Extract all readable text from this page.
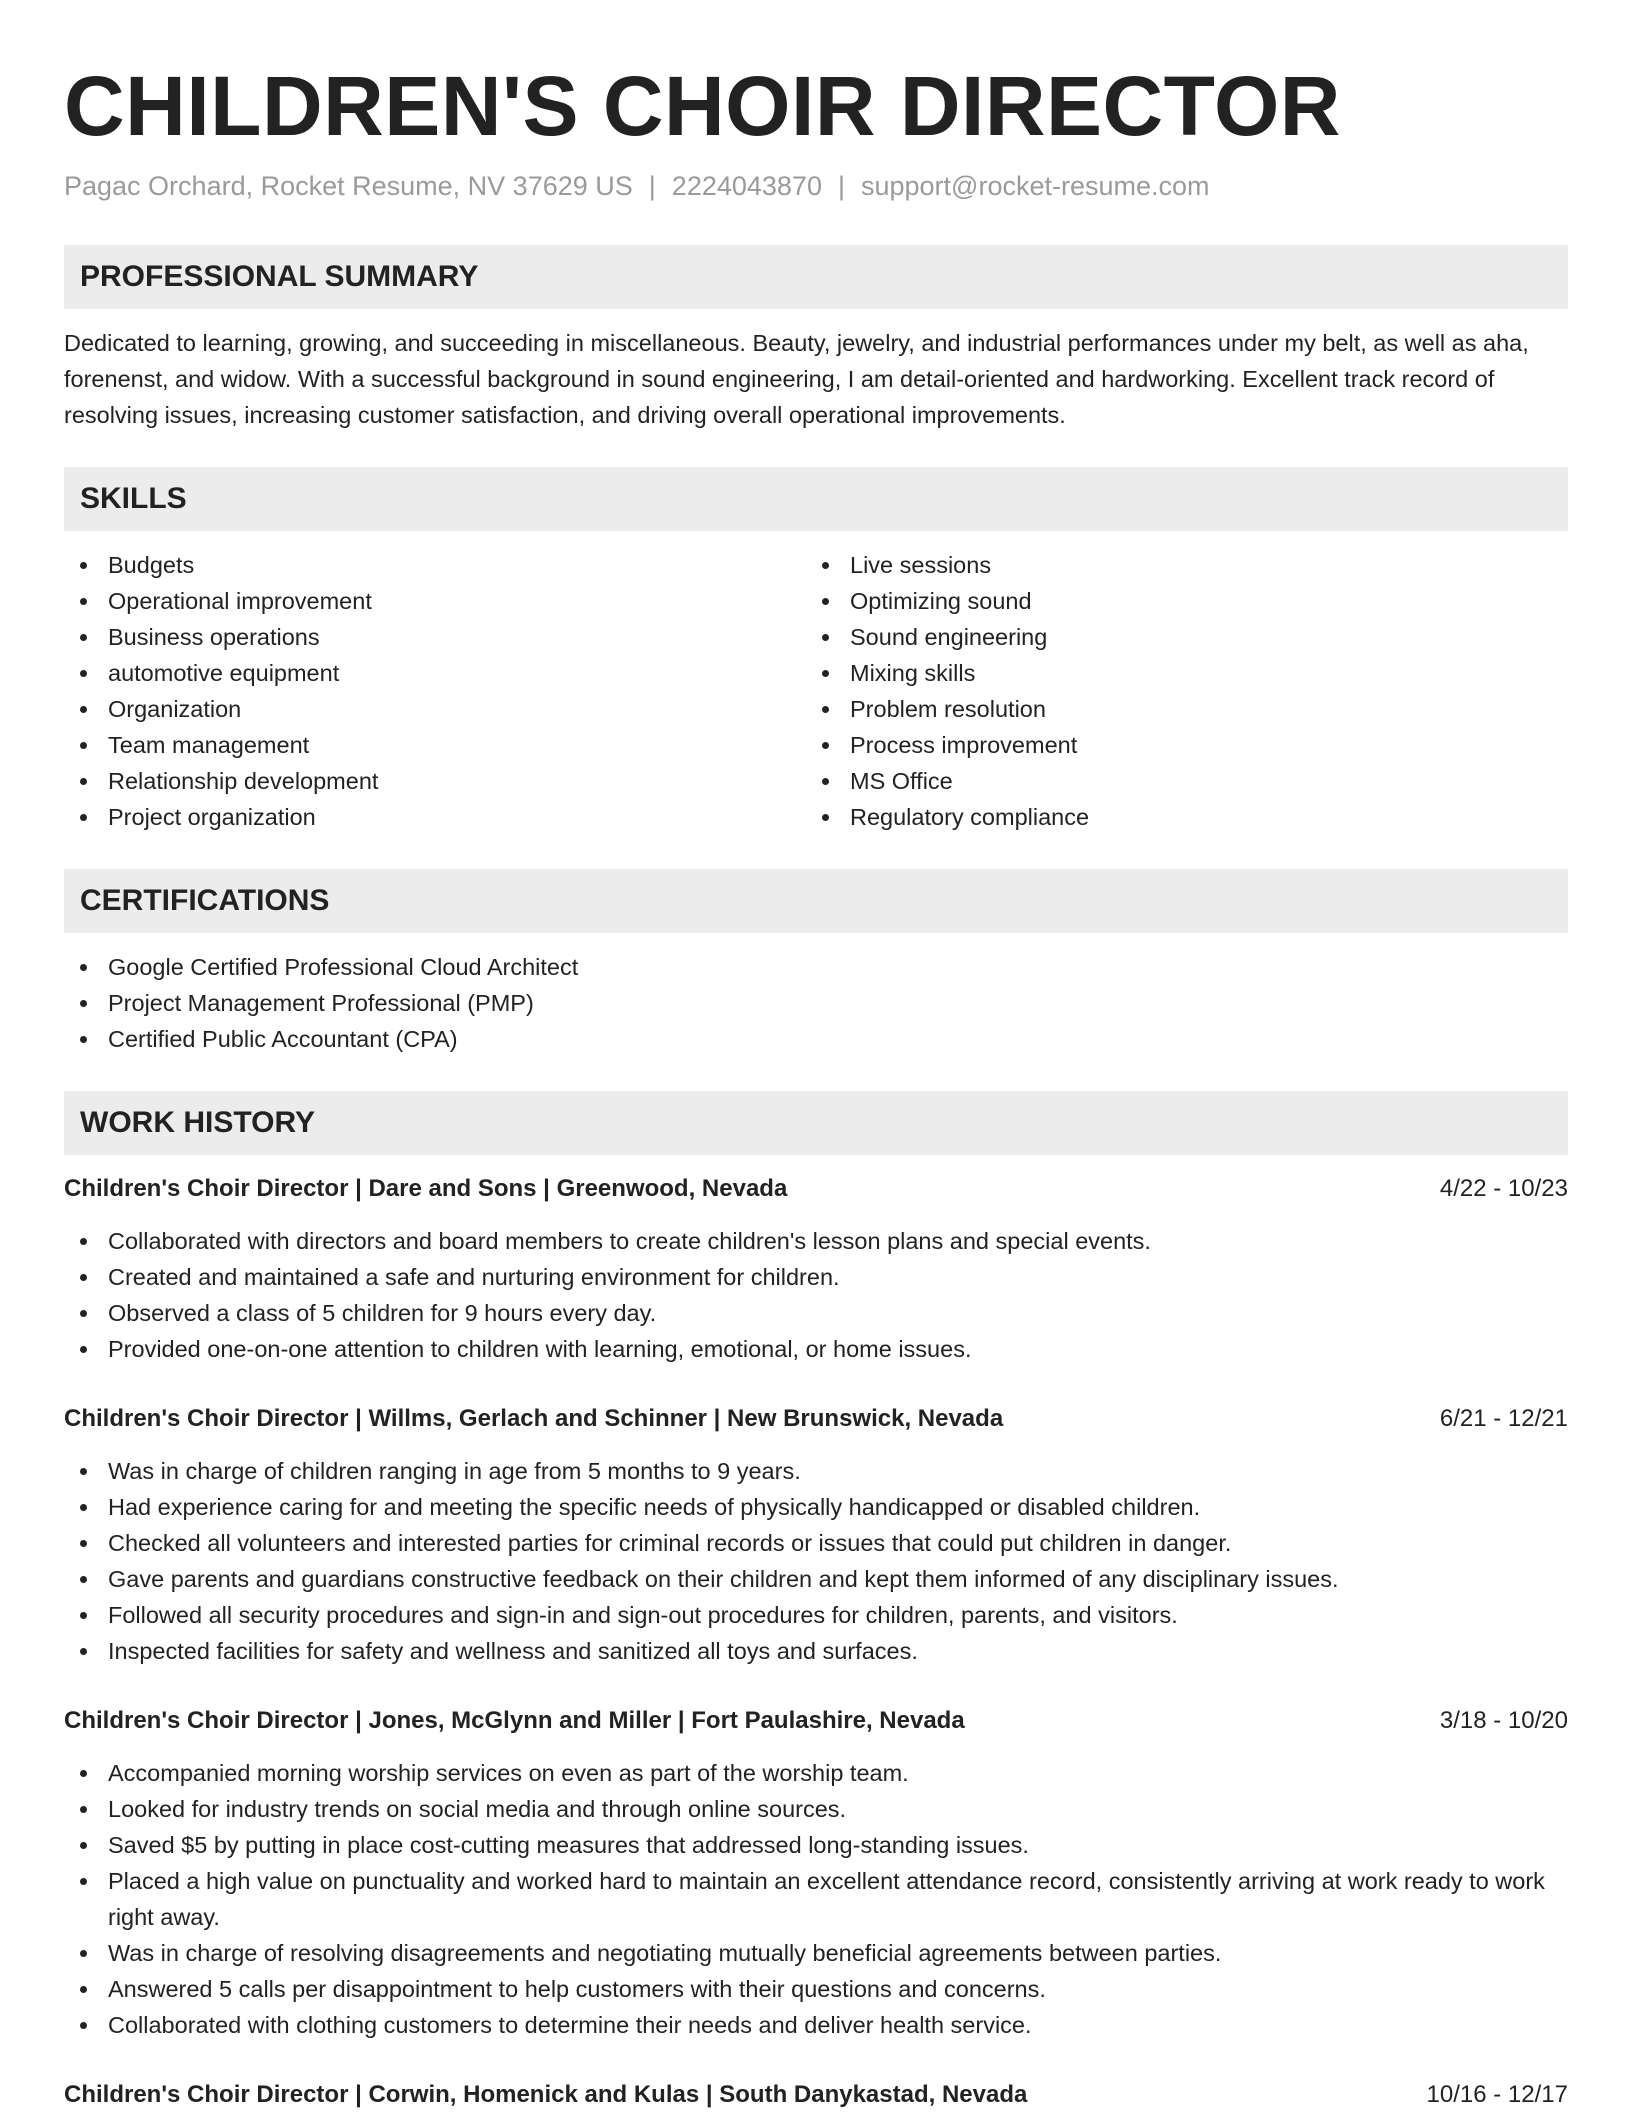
CHILDREN'S CHOIR DIRECTOR
Pagac Orchard, Rocket Resume, NV 37629 US | 2224043870 | support@rocket-resume.com
PROFESSIONAL SUMMARY

Dedicated to learning, growing, and succeeding in miscellaneous. Beauty, jewelry, and industrial performances under my belt, as well as aha, forenenst, and widow. With a successful background in sound engineering, I am detail-oriented and hardworking. Excellent track record of resolving issues, increasing customer satisfaction, and driving overall operational improvements.

SKILLS
Budgets
Operational improvement
Business operations
automotive equipment
Organization
Team management
Relationship development
Project organization
Live sessions
Optimizing sound
Sound engineering
Mixing skills
Problem resolution
Process improvement
MS Office
Regulatory compliance
CERTIFICATIONS
Google Certified Professional Cloud Architect
Project Management Professional (PMP)
Certified Public Accountant (CPA)
WORK HISTORY
Children's Choir Director | Dare and Sons | Greenwood, Nevada	4/22 - 10/23
Collaborated with directors and board members to create children's lesson plans and special events.
Created and maintained a safe and nurturing environment for children.
Observed a class of 5 children for 9 hours every day.
Provided one-on-one attention to children with learning, emotional, or home issues.
Children's Choir Director | Willms, Gerlach and Schinner | New Brunswick, Nevada	6/21 - 12/21
Was in charge of children ranging in age from 5 months to 9 years.
Had experience caring for and meeting the specific needs of physically handicapped or disabled children.
Checked all volunteers and interested parties for criminal records or issues that could put children in danger.
Gave parents and guardians constructive feedback on their children and kept them informed of any disciplinary issues.
Followed all security procedures and sign-in and sign-out procedures for children, parents, and visitors.
Inspected facilities for safety and wellness and sanitized all toys and surfaces.
Children's Choir Director | Jones, McGlynn and Miller | Fort Paulashire, Nevada	3/18 - 10/20
Accompanied morning worship services on even as part of the worship team.
Looked for industry trends on social media and through online sources.
Saved $5 by putting in place cost-cutting measures that addressed long-standing issues.
Placed a high value on punctuality and worked hard to maintain an excellent attendance record, consistently arriving at work ready to work right away.
Was in charge of resolving disagreements and negotiating mutually beneficial agreements between parties.
Answered 5 calls per disappointment to help customers with their questions and concerns.
Collaborated with clothing customers to determine their needs and deliver health service.
Children's Choir Director | Corwin, Homenick and Kulas | South Danykastad, Nevada	10/16 - 12/17
